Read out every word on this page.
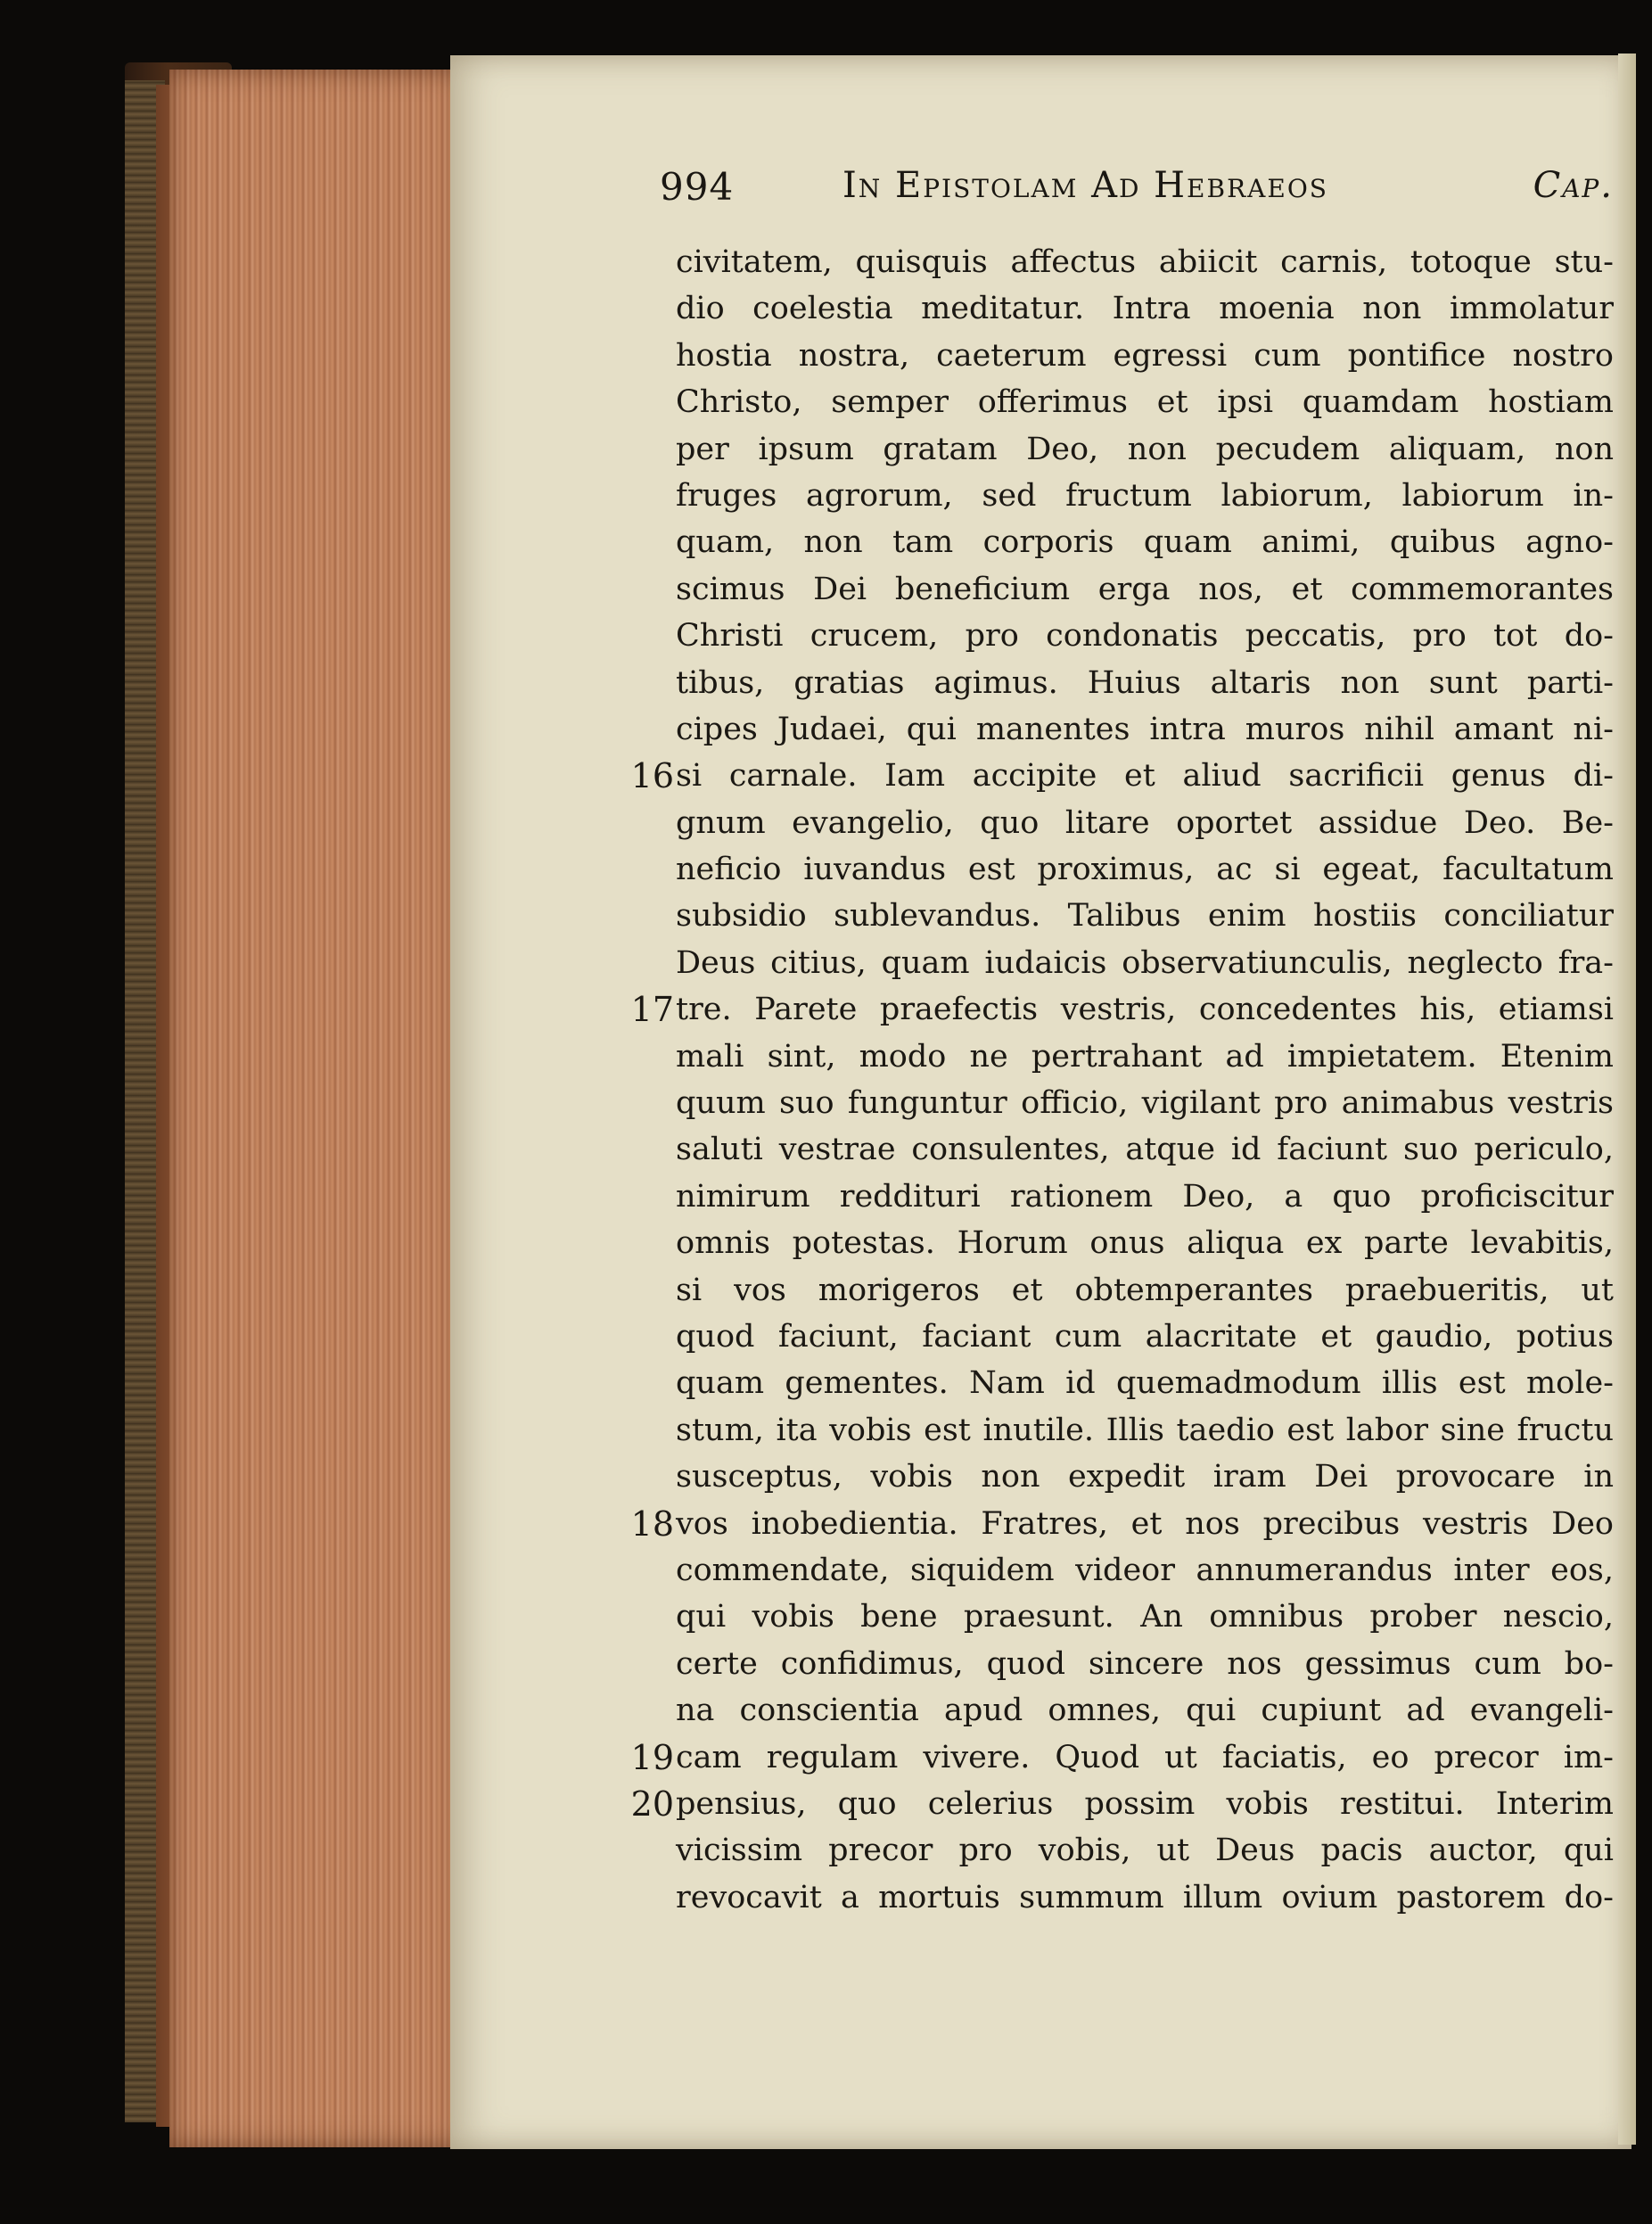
994	In Epistolam Ad Hebraeos	Cap.
civitatem, quisquis affectus abiicit carnis, totoque stu-
dio coelestia meditatur. Intra moenia non immolatur
hostia nostra, caeterum egressi cum pontifice nostro
Christo, semper offerimus et ipsi quamdam hostiam
per ipsum gratam Deo, non pecudem aliquam, non
fruges agrorum, sed fructum labiorum, labiorum in-
quam, non tam corporis quam animi, quibus agno-
scimus Dei beneficium erga nos, et commemorantes
Christi crucem, pro condonatis peccatis, pro tot do-
tibus, gratias agimus. Huius altaris non sunt parti-
cipes Judaei, qui manentes intra muros nihil amant ni-
16 si carnale. Iam accipite et aliud sacrificii genus di-
gnum evangelio, quo litare oportet assidue Deo. Be-
neficio iuvandus est proximus, ac si egeat, facultatum
subsidio sublevandus. Talibus enim hostiis conciliatur
Deus citius, quam iudaicis observatiunculis, neglecto fra-
17 tre. Parete praefectis vestris, concedentes his, etiamsi
mali sint, modo ne pertrahant ad impietatem. Etenim
quum suo funguntur officio, vigilant pro animabus vestris
saluti vestrae consulentes, atque id faciunt suo periculo,
nimirum reddituri rationem Deo, a quo proficiscitur
omnis potestas. Horum onus aliqua ex parte levabitis,
si vos morigeros et obtemperantes praebueritis, ut
quod faciunt, faciant cum alacritate et gaudio, potius
quam gementes. Nam id quemadmodum illis est mole-
stum, ita vobis est inutile. Illis taedio est labor sine fructu
susceptus, vobis non expedit iram Dei provocare in
18 vos inobedientia. Fratres, et nos precibus vestris Deo
commendate, siquidem videor annumerandus inter eos,
qui vobis bene praesunt. An omnibus prober nescio,
certe confidimus, quod sincere nos gessimus cum bo-
na conscientia apud omnes, qui cupiunt ad evangeli-
19 cam regulam vivere. Quod ut faciatis, eo precor im-
20 pensius, quo celerius possim vobis restitui. Interim
vicissim precor pro vobis, ut Deus pacis auctor, qui
revocavit a mortuis summum illum ovium pastorem do-
